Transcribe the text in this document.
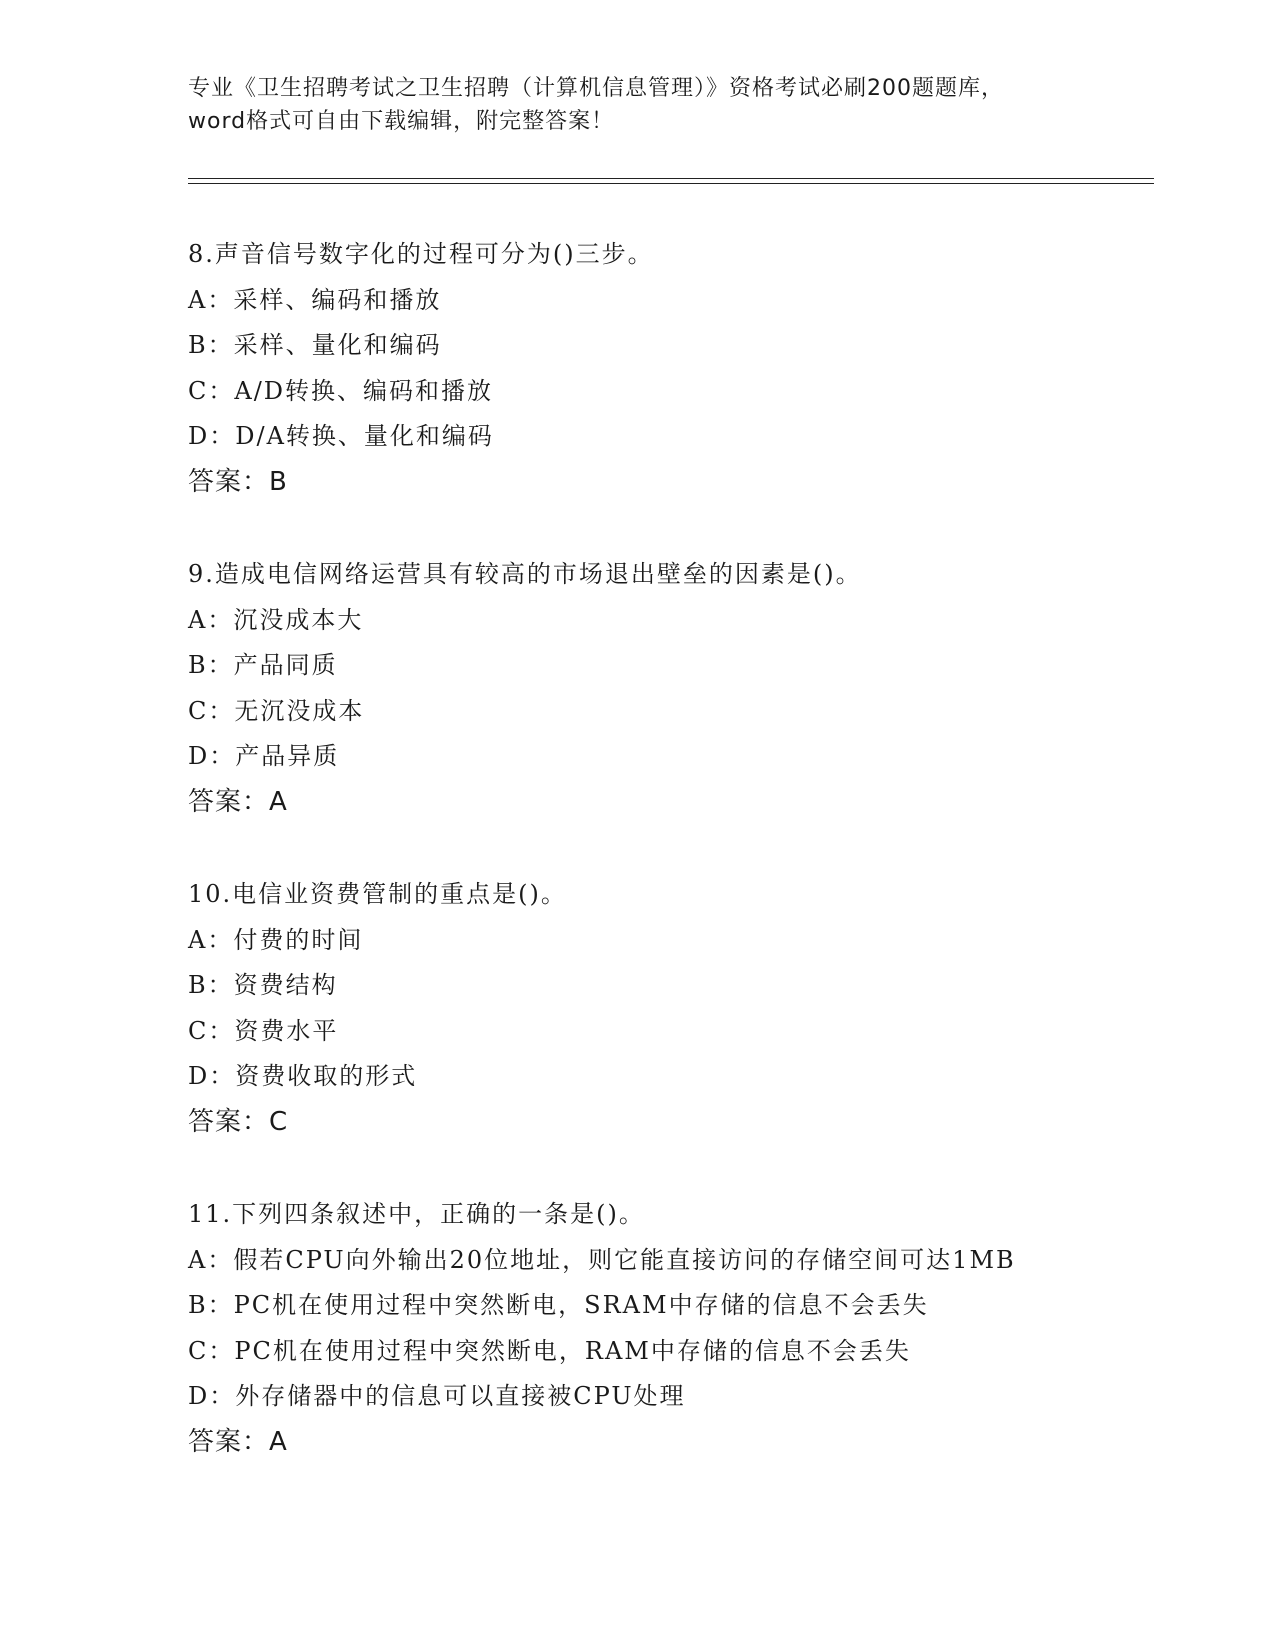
专业《卫生招聘考试之卫生招聘（计算机信息管理）》资格考试必刷200题题库，
word格式可自由下载编辑，附完整答案！
8.声音信号数字化的过程可分为()三步。
A：采样、编码和播放
B：采样、量化和编码
C：A/D转换、编码和播放
D：D/A转换、量化和编码
答案：B
9.造成电信网络运营具有较高的市场退出壁垒的因素是()。
A：沉没成本大
B：产品同质
C：无沉没成本
D：产品异质
答案：A
10.电信业资费管制的重点是()。
A：付费的时间
B：资费结构
C：资费水平
D：资费收取的形式
答案：C
11.下列四条叙述中，正确的一条是()。
A：假若CPU向外输出20位地址，则它能直接访问的存储空间可达1MB
B：PC机在使用过程中突然断电，SRAM中存储的信息不会丢失
C：PC机在使用过程中突然断电，RAM中存储的信息不会丢失
D：外存储器中的信息可以直接被CPU处理
答案：A
